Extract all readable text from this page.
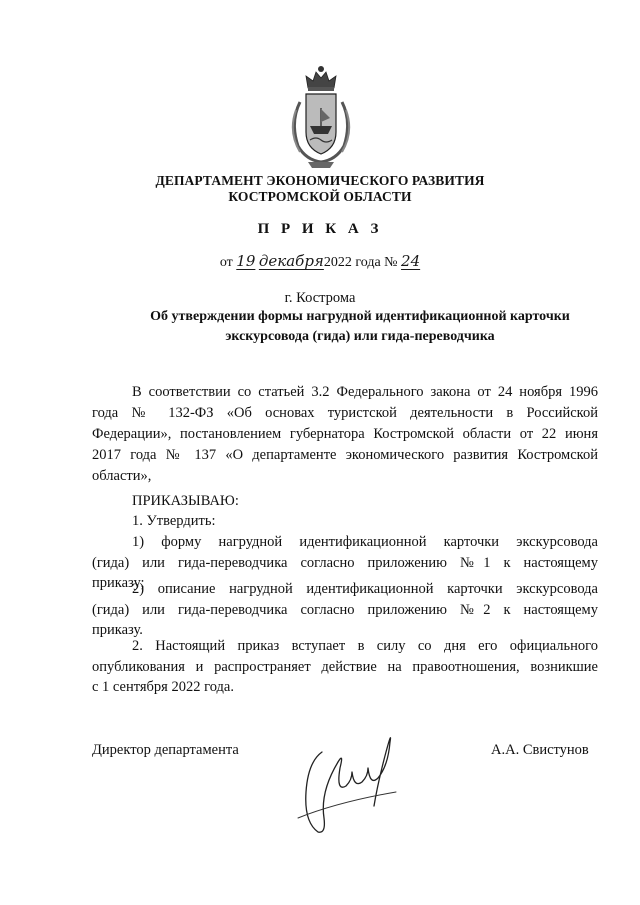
ДЕПАРТАМЕНТ ЭКОНОМИЧЕСКОГО РАЗВИТИЯ
КОСТРОМСКОЙ ОБЛАСТИ
П Р И К А З
от 19 декабря2022 года № 24
г. Кострома
Об утверждении формы нагрудной идентификационной карточки
экскурсовода (гида) или гида-переводчика
В соответствии со статьей 3.2 Федерального закона от 24 ноября 1996
года № 132-ФЗ «Об основах туристской деятельности в Российской
Федерации», постановлением губернатора Костромской области от 22 июня
2017 года № 137 «О департаменте экономического развития Костромской
области»,
ПРИКАЗЫВАЮ:
1. Утвердить:
1) форму нагрудной идентификационной карточки экскурсовода
(гида) или гида-переводчика согласно приложению №1 к настоящему
приказу;
2) описание нагрудной идентификационной карточки экскурсовода
(гида) или гида-переводчика согласно приложению №2 к настоящему
приказу.
2. Настоящий приказ вступает в силу со дня его официального
опубликования и распространяет действие на правоотношения, возникшие
с 1 сентября 2022 года.
Директор департамента	А.А. Свистунов
